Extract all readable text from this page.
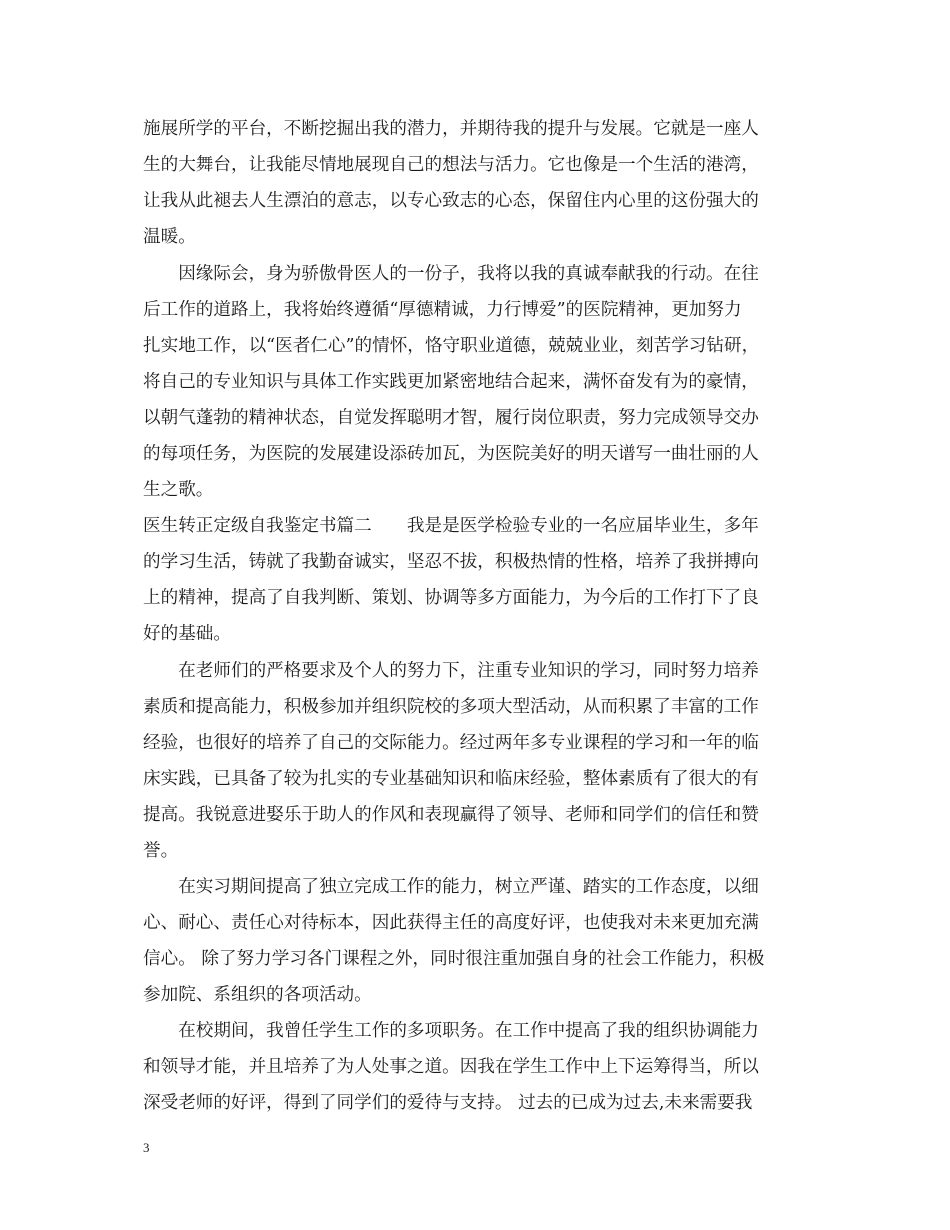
施展所学的平台，不断挖掘出我的潜力，并期待我的提升与发展。它就是一座人
生的大舞台，让我能尽情地展现自己的想法与活力。它也像是一个生活的港湾，
让我从此褪去人生漂泊的意志，以专心致志的心态，保留住内心里的这份强大的
温暖。
　　因缘际会，身为骄傲骨医人的一份子，我将以我的真诚奉献我的行动。在往
后工作的道路上，我将始终遵循“厚德精诚，力行博爱”的医院精神，更加努力
扎实地工作，以“医者仁心”的情怀，恪守职业道德，兢兢业业，刻苦学习钻研，
将自己的专业知识与具体工作实践更加紧密地结合起来，满怀奋发有为的豪情，
以朝气蓬勃的精神状态，自觉发挥聪明才智，履行岗位职责，努力完成领导交办
的每项任务，为医院的发展建设添砖加瓦，为医院美好的明天谱写一曲壮丽的人
生之歌。
医生转正定级自我鉴定书篇二　　我是是医学检验专业的一名应届毕业生，多年
的学习生活，铸就了我勤奋诚实，坚忍不拔，积极热情的性格，培养了我拼搏向
上的精神，提高了自我判断、策划、协调等多方面能力，为今后的工作打下了良
好的基础。
　　在老师们的严格要求及个人的努力下，注重专业知识的学习，同时努力培养
素质和提高能力，积极参加并组织院校的多项大型活动，从而积累了丰富的工作
经验，也很好的培养了自己的交际能力。经过两年多专业课程的学习和一年的临
床实践，已具备了较为扎实的专业基础知识和临床经验，整体素质有了很大的有
提高。我锐意进娶乐于助人的作风和表现赢得了领导、老师和同学们的信任和赞
誉。
　　在实习期间提高了独立完成工作的能力，树立严谨、踏实的工作态度，以细
心、耐心、责任心对待标本，因此获得主任的高度好评，也使我对未来更加充满
信心。 除了努力学习各门课程之外，同时很注重加强自身的社会工作能力，积极
参加院、系组织的各项活动。
　　在校期间，我曾任学生工作的多项职务。在工作中提高了我的组织协调能力
和领导才能，并且培养了为人处事之道。因我在学生工作中上下运筹得当，所以
深受老师的好评，得到了同学们的爱待与支持。 过去的已成为过去,未来需要我
3
